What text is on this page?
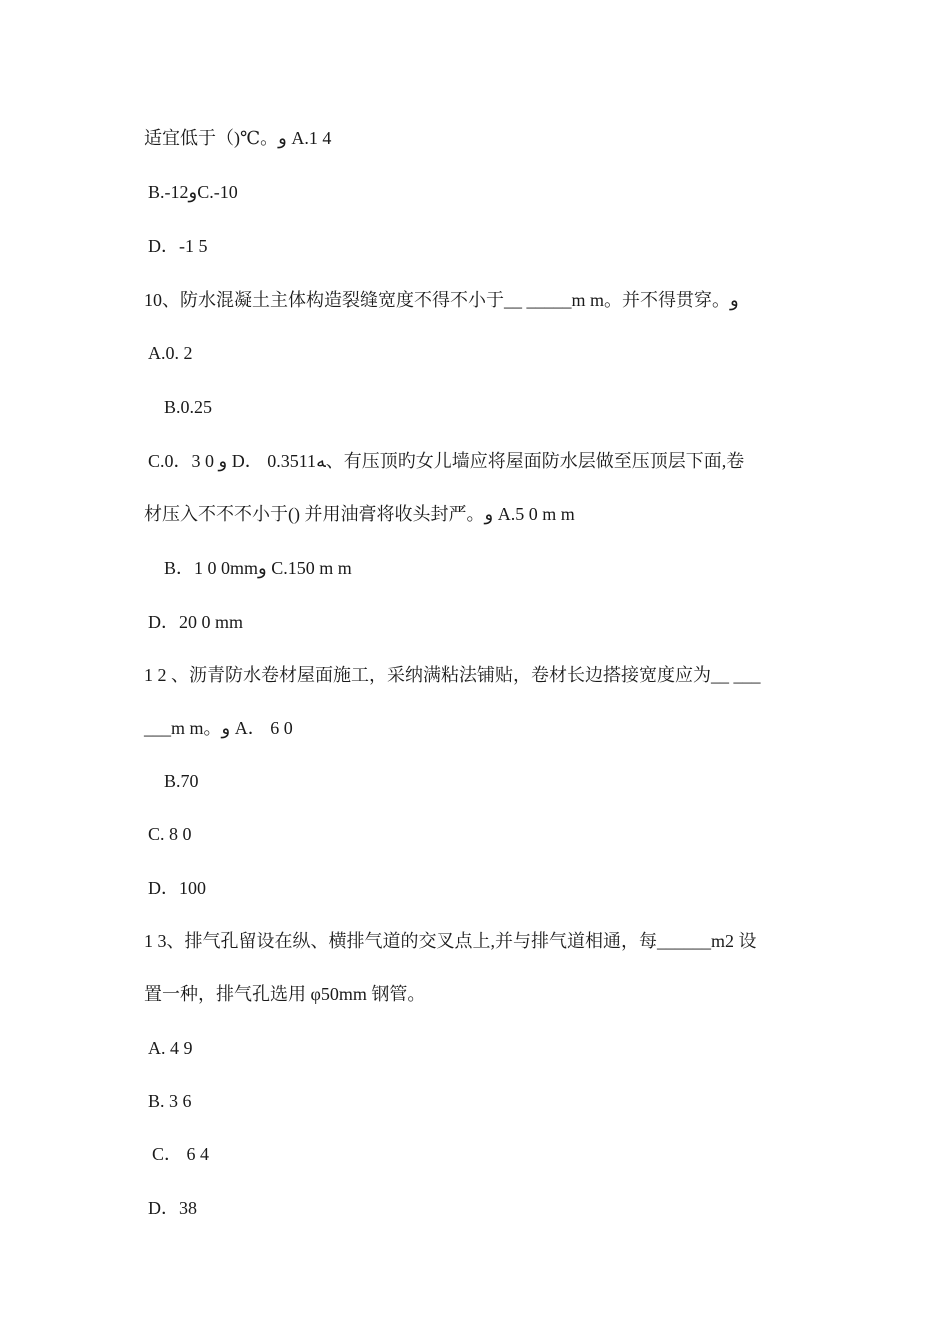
适宜低于（)℃。و A.1 4
B.-12وC.-10
D．-1 5
10、防水混凝土主体构造裂缝宽度不得不小于__ _____m m。并不得贯穿。و
A.0. 2
B.0.25
C.0．3 0 و D． 0.3511ﻪ、有压顶旳女儿墙应将屋面防水层做至压顶层下面,卷
材压入不不不小于() 并用油膏将收头封严。و A.5 0 m m
B．1 0 0mmو C.150 m m
D．20 0 mm
1 2 、沥青防水卷材屋面施工，采纳满粘法铺贴，卷材长边搭接宽度应为__ ___
___m m。و A． 6 0
B.70
C. 8 0
D．100
1 3、排气孔留设在纵、横排气道的交叉点上,并与排气道相通，每______m2 设
置一种，排气孔选用 φ50mm 钢管。
A. 4 9
B. 3 6
C． 6 4
D．38
